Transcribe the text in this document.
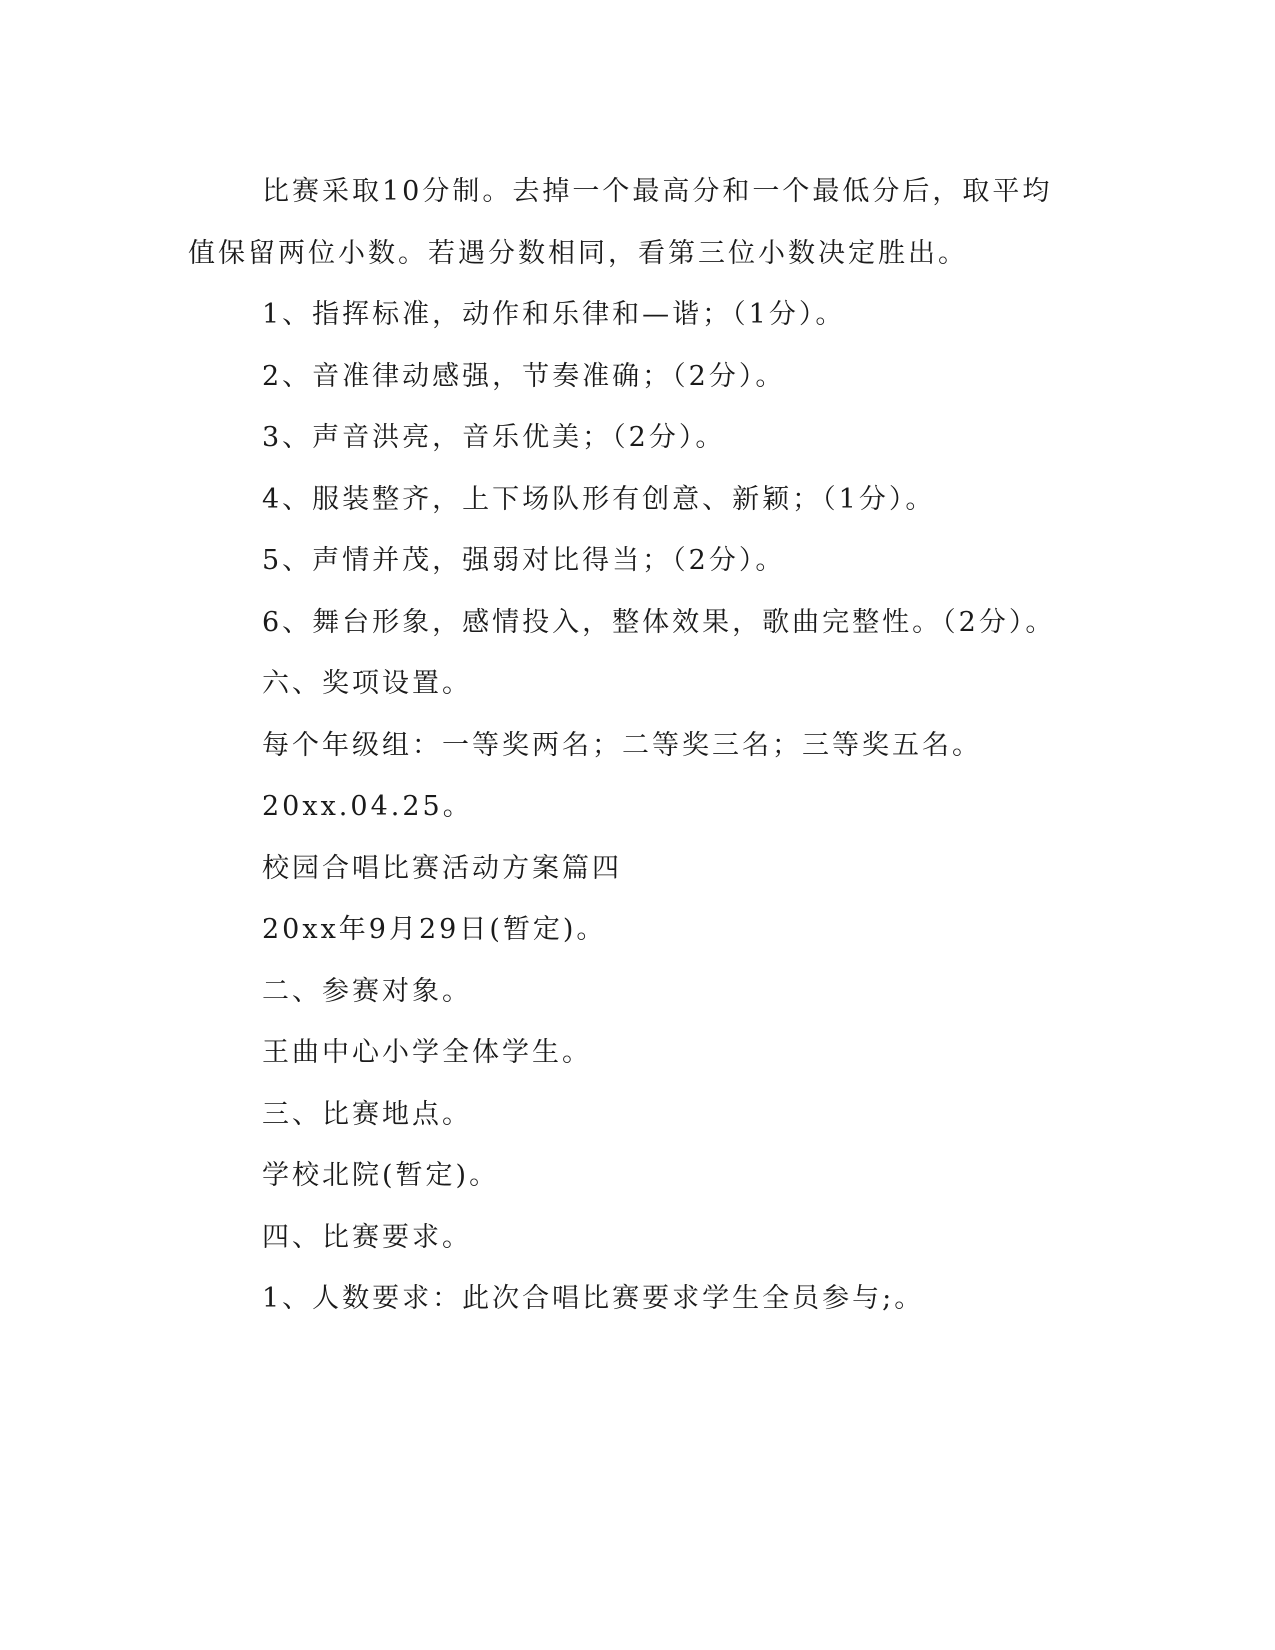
比赛采取10分制。去掉一个最高分和一个最低分后，取平均值保留两位小数。若遇分数相同，看第三位小数决定胜出。

1、指挥标准，动作和乐律和—谐；（1分）。

2、音准律动感强，节奏准确；（2分）。

3、声音洪亮，音乐优美；（2分）。

4、服装整齐，上下场队形有创意、新颖；（1分）。

5、声情并茂，强弱对比得当；（2分）。

6、舞台形象，感情投入，整体效果，歌曲完整性。（2分）。

六、奖项设置。

每个年级组：一等奖两名；二等奖三名；三等奖五名。

20xx.04.25。

校园合唱比赛活动方案篇四

20xx年9月29日(暂定)。

二、参赛对象。

王曲中心小学全体学生。

三、比赛地点。

学校北院(暂定)。

四、比赛要求。

1、人数要求：此次合唱比赛要求学生全员参与;。
